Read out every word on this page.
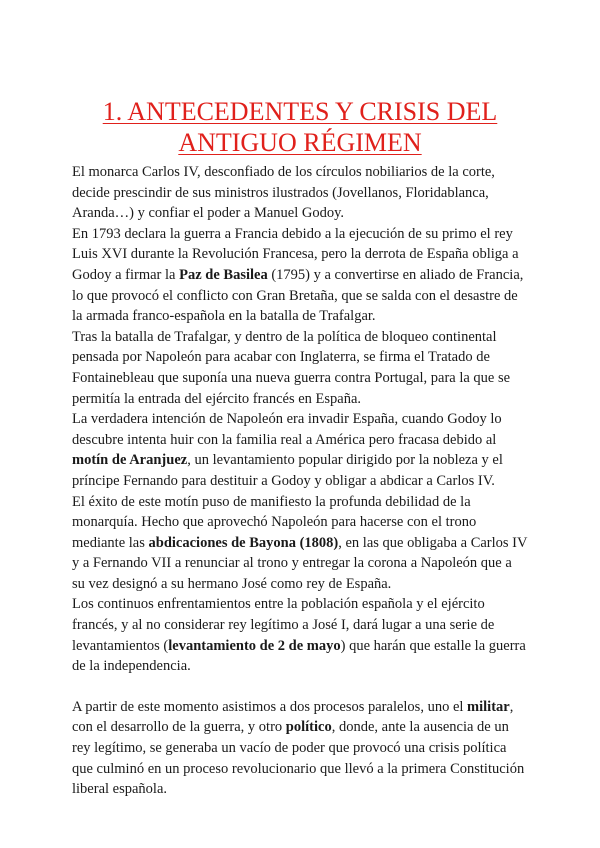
1. ANTECEDENTES Y CRISIS DEL
ANTIGUO RÉGIMEN

El monarca Carlos IV, desconfiado de los círculos nobiliarios de la corte, decide prescindir de sus ministros ilustrados (Jovellanos, Floridablanca, Aranda…) y confiar el poder a Manuel Godoy.

En 1793 declara la guerra a Francia debido a la ejecución de su primo el rey Luis XVI durante la Revolución Francesa, pero la derrota de España obliga a Godoy a firmar la Paz de Basilea (1795) y a convertirse en aliado de Francia, lo que provocó el conflicto con Gran Bretaña, que se salda con el desastre de la armada franco-española en la batalla de Trafalgar.

Tras la batalla de Trafalgar, y dentro de la política de bloqueo continental pensada por Napoleón para acabar con Inglaterra, se firma el Tratado de Fontainebleau que suponía una nueva guerra contra Portugal, para la que se permitía la entrada del ejército francés en España.

La verdadera intención de Napoleón era invadir España, cuando Godoy lo descubre intenta huir con la familia real a América pero fracasa debido al motín de Aranjuez, un levantamiento popular dirigido por la nobleza y el príncipe Fernando para destituir a Godoy y obligar a abdicar a Carlos IV.

El éxito de este motín puso de manifiesto la profunda debilidad de la monarquía. Hecho que aprovechó Napoleón para hacerse con el trono mediante las abdicaciones de Bayona (1808), en las que obligaba a Carlos IV y a Fernando VII a renunciar al trono y entregar la corona a Napoleón que a su vez designó a su hermano José como rey de España.

Los continuos enfrentamientos entre la población española y el ejército francés, y al no considerar rey legítimo a José I, dará lugar a una serie de levantamientos (levantamiento de 2 de mayo) que harán que estalle la guerra de la independencia.

A partir de este momento asistimos a dos procesos paralelos, uno el militar, con el desarrollo de la guerra, y otro político, donde, ante la ausencia de un rey legítimo, se generaba un vacío de poder que provocó una crisis política que culminó en un proceso revolucionario que llevó a la primera Constitución liberal española.
